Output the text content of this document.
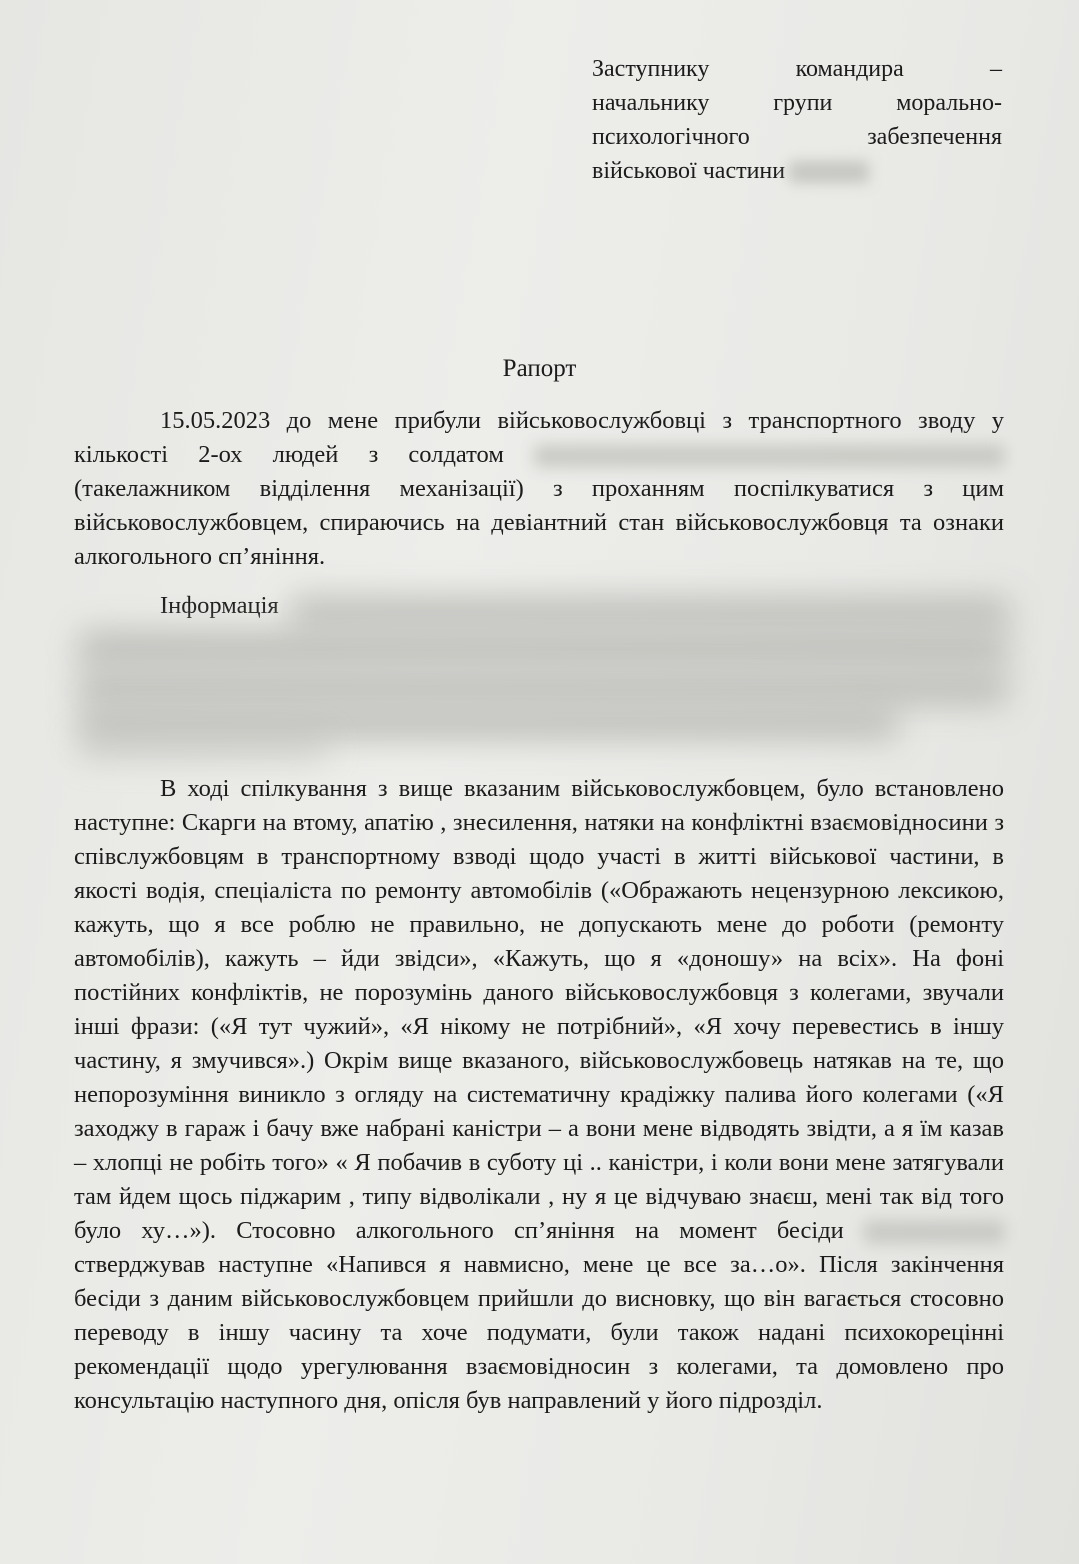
Заступнику командира –
начальнику групи морально-
психологічного забезпечення
військової частини
Рапорт

15.05.2023 до мене прибули військовослужбовці з транспортного зводу у кількості 2-ох людей з солдатом  (такелажником відділення механізації) з проханням поспілкуватися з цим військовослужбовцем, спираючись на девіантний стан військовослужбовця та ознаки алкогольного сп’яніння.

Інформація

В ході спілкування з вище вказаним військовослужбовцем, було встановлено наступне: Скарги на втому, апатію , знесилення, натяки на конфліктні взаємовідносини з співслужбовцям в транспортному взводі щодо участі в житті військової частини, в якості водія, спеціаліста по ремонту автомобілів («Ображають нецензурною лексикою, кажуть, що я все роблю не правильно, не допускають мене до роботи (ремонту автомобілів), кажуть – йди звідси», «Кажуть, що я «доношу» на всіх». На фоні постійних конфліктів, не порозумінь даного військовослужбовця з колегами, звучали інші фрази: («Я тут чужий», «Я нікому не потрібний», «Я хочу перевестись в іншу частину, я змучився».) Окрім вище вказаного, військовослужбовець натякав на те, що непорозуміння виникло з огляду на систематичну крадіжку палива його колегами («Я заходжу в гараж і бачу вже набрані каністри – а вони мене відводять звідти, а я їм казав – хлопці не робіть того» « Я побачив в суботу ці .. каністри, і коли вони мене затягували там йдем щось піджарим , типу відволікали , ну я це відчуваю знаєш, мені так від того було ху…»). Стосовно алкогольного сп’яніння на момент бесіди  стверджував наступне «Напився я навмисно, мене це все за…о». Після закінчення бесіди з даним військовослужбовцем прийшли до висновку, що він вагається стосовно переводу в іншу часину та хоче подумати, були також надані психокорецінні рекомендації щодо урегулювання взаємовідносин з колегами, та домовлено про консультацію наступного дня, опісля був направлений у його підрозділ.
